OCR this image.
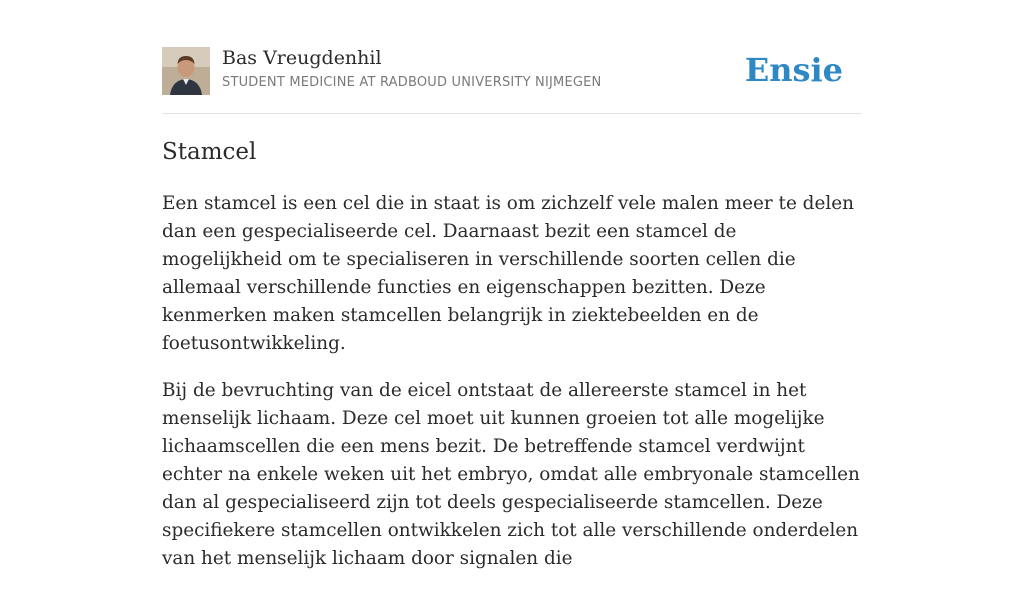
Bas Vreugdenhil
STUDENT MEDICINE AT RADBOUD UNIVERSITY NIJMEGEN	Ensie
Stamcel

Een stamcel is een cel die in staat is om zichzelf vele malen meer te delen dan een gespecialiseerde cel. Daarnaast bezit een stamcel de mogelijkheid om te specialiseren in verschillende soorten cellen die allemaal verschillende functies en eigenschappen bezitten. Deze kenmerken maken stamcellen belangrijk in ziektebeelden en de foetusontwikkeling.

Bij de bevruchting van de eicel ontstaat de allereerste stamcel in het menselijk lichaam. Deze cel moet uit kunnen groeien tot alle mogelijke lichaamscellen die een mens bezit. De betreffende stamcel verdwijnt echter na enkele weken uit het embryo, omdat alle embryonale stamcellen dan al gespecialiseerd zijn tot deels gespecialiseerde stamcellen. Deze specifiekere stamcellen ontwikkelen zich tot alle verschillende onderdelen van het menselijk lichaam door signalen die
